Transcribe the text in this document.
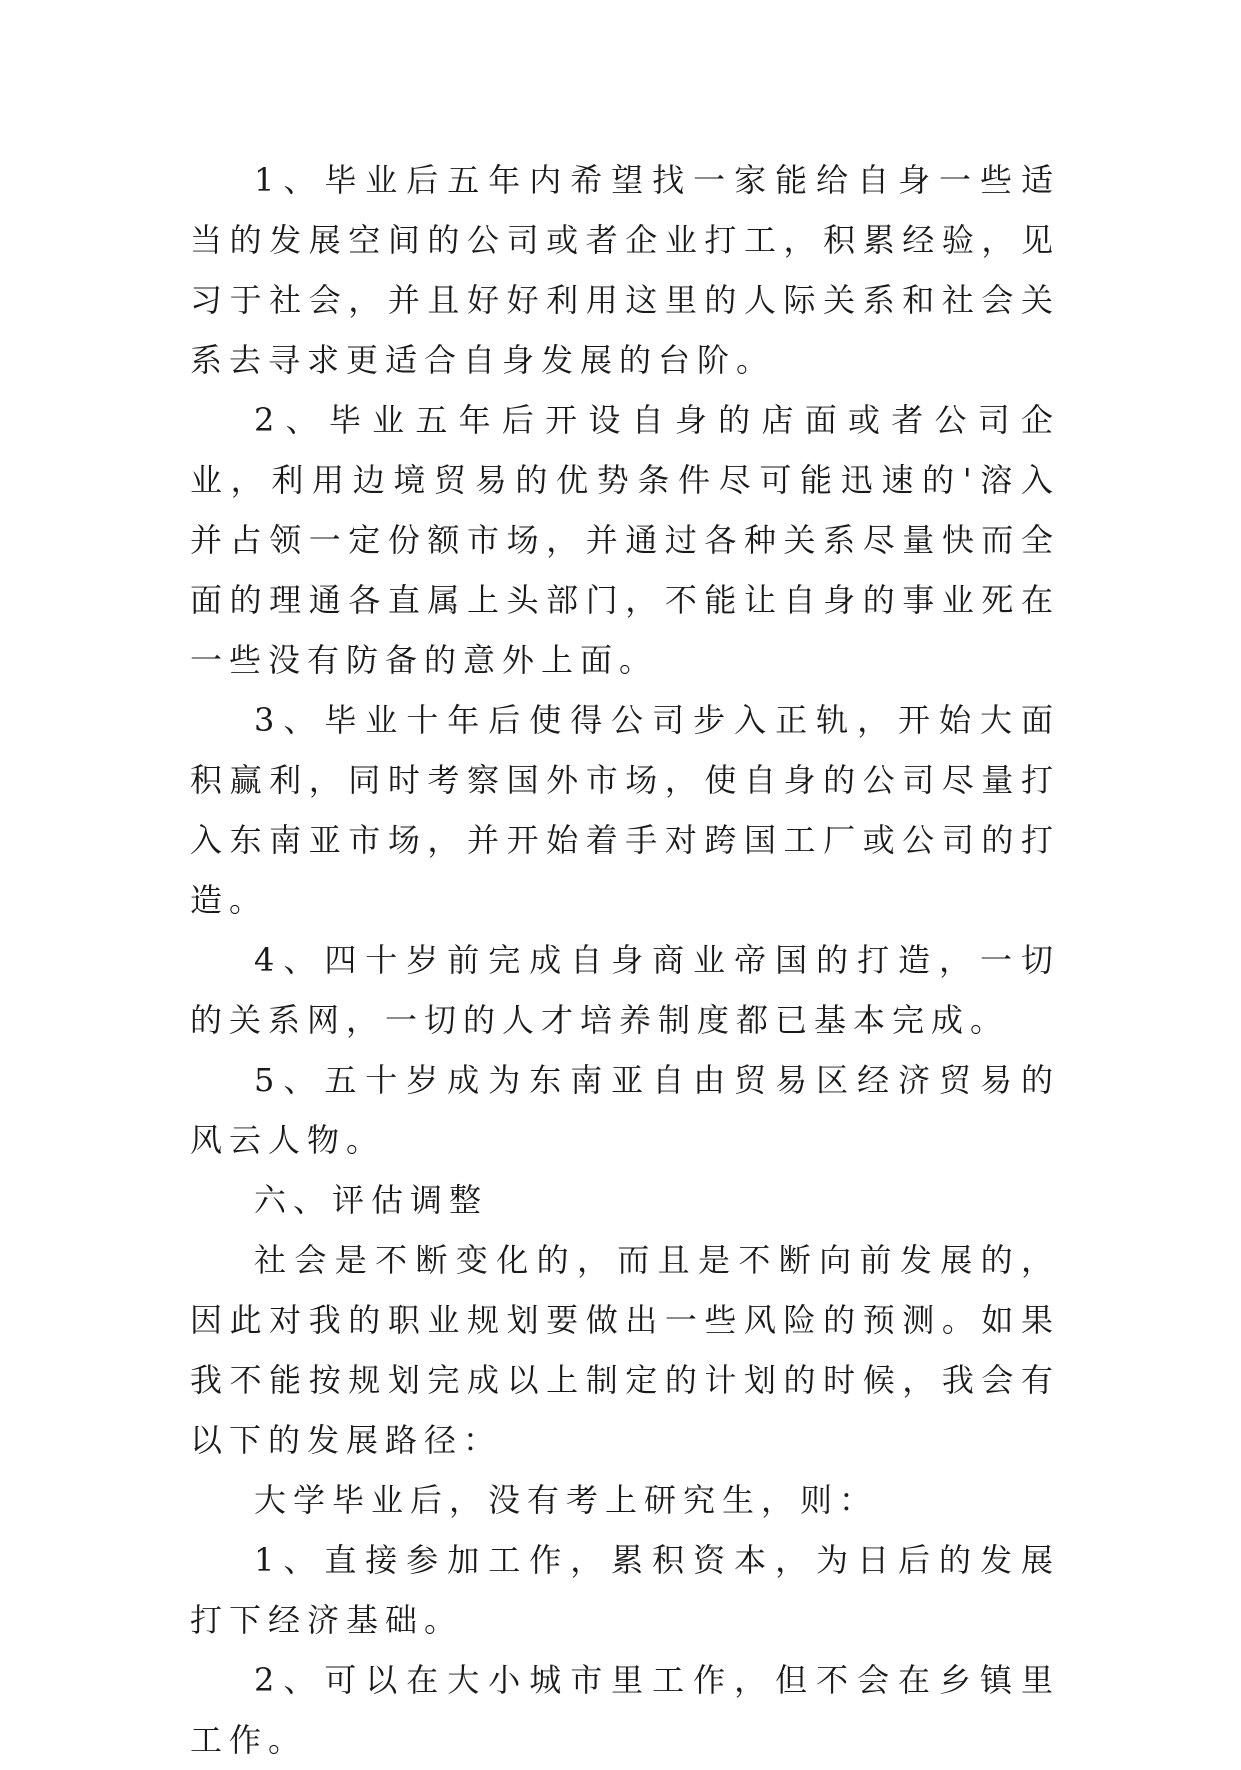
1、毕业后五年内希望找一家能给自身一些适当的发展空间的公司或者企业打工，积累经验，见习于社会，并且好好利用这里的人际关系和社会关系去寻求更适合自身发展的台阶。

2、毕业五年后开设自身的店面或者公司企业，利用边境贸易的优势条件尽可能迅速的'溶入并占领一定份额市场，并通过各种关系尽量快而全面的理通各直属上头部门，不能让自身的事业死在一些没有防备的意外上面。

3、毕业十年后使得公司步入正轨，开始大面积赢利，同时考察国外市场，使自身的公司尽量打入东南亚市场，并开始着手对跨国工厂或公司的打造。

4、四十岁前完成自身商业帝国的打造，一切的关系网，一切的人才培养制度都已基本完成。

5、五十岁成为东南亚自由贸易区经济贸易的风云人物。

六、评估调整

社会是不断变化的，而且是不断向前发展的，因此对我的职业规划要做出一些风险的预测。如果我不能按规划完成以上制定的计划的时候，我会有以下的发展路径：

大学毕业后，没有考上研究生，则：

1、直接参加工作，累积资本，为日后的发展打下经济基础。

2、可以在大小城市里工作，但不会在乡镇里工作。
